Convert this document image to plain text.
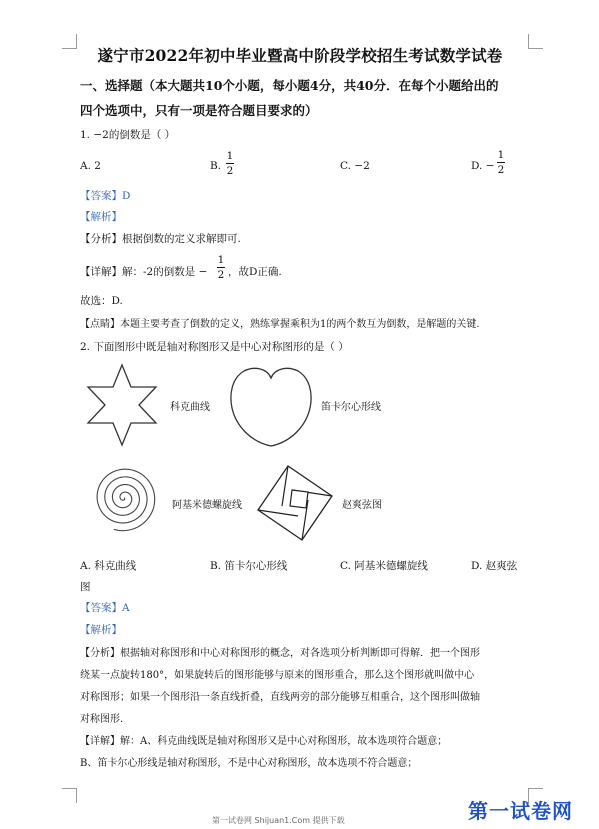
遂宁市2022年初中毕业暨高中阶段学校招生考试数学试卷
一、选择题（本大题共10个小题，每小题4分，共40分．在每个小题给出的
四个选项中，只有一项是符合题目要求的）
1. −2的倒数是（ ）
A. 2	B.
1
2	C. −2	D. −
1
2
【答案】D
【解析】
【分析】根据倒数的定义求解即可.
【详解】解：-2的倒数是 −
1
2 ，故D正确.
故选：D.
【点睛】本题主要考查了倒数的定义，熟练掌握乘积为1的两个数互为倒数，是解题的关键.
2. 下面图形中既是轴对称图形又是中心对称图形的是（ ）
科克曲线	笛卡尔心形线
阿基米德螺旋线	赵爽弦图
A. 科克曲线	B. 笛卡尔心形线	C. 阿基米德螺旋线	D. 赵爽弦
图
【答案】A
【解析】
【分析】根据轴对称图形和中心对称图形的概念，对各选项分析判断即可得解．把一个图形
绕某一点旋转180°，如果旋转后的图形能够与原来的图形重合，那么这个图形就叫做中心
对称图形；如果一个图形沿一条直线折叠，直线两旁的部分能够互相重合，这个图形叫做轴
对称图形.
【详解】解：A、科克曲线既是轴对称图形又是中心对称图形，故本选项符合题意；
B、笛卡尔心形线是轴对称图形，不是中心对称图形，故本选项不符合题意；
第一试卷网
第一试卷网 Shijuan1.Com 提供下载
